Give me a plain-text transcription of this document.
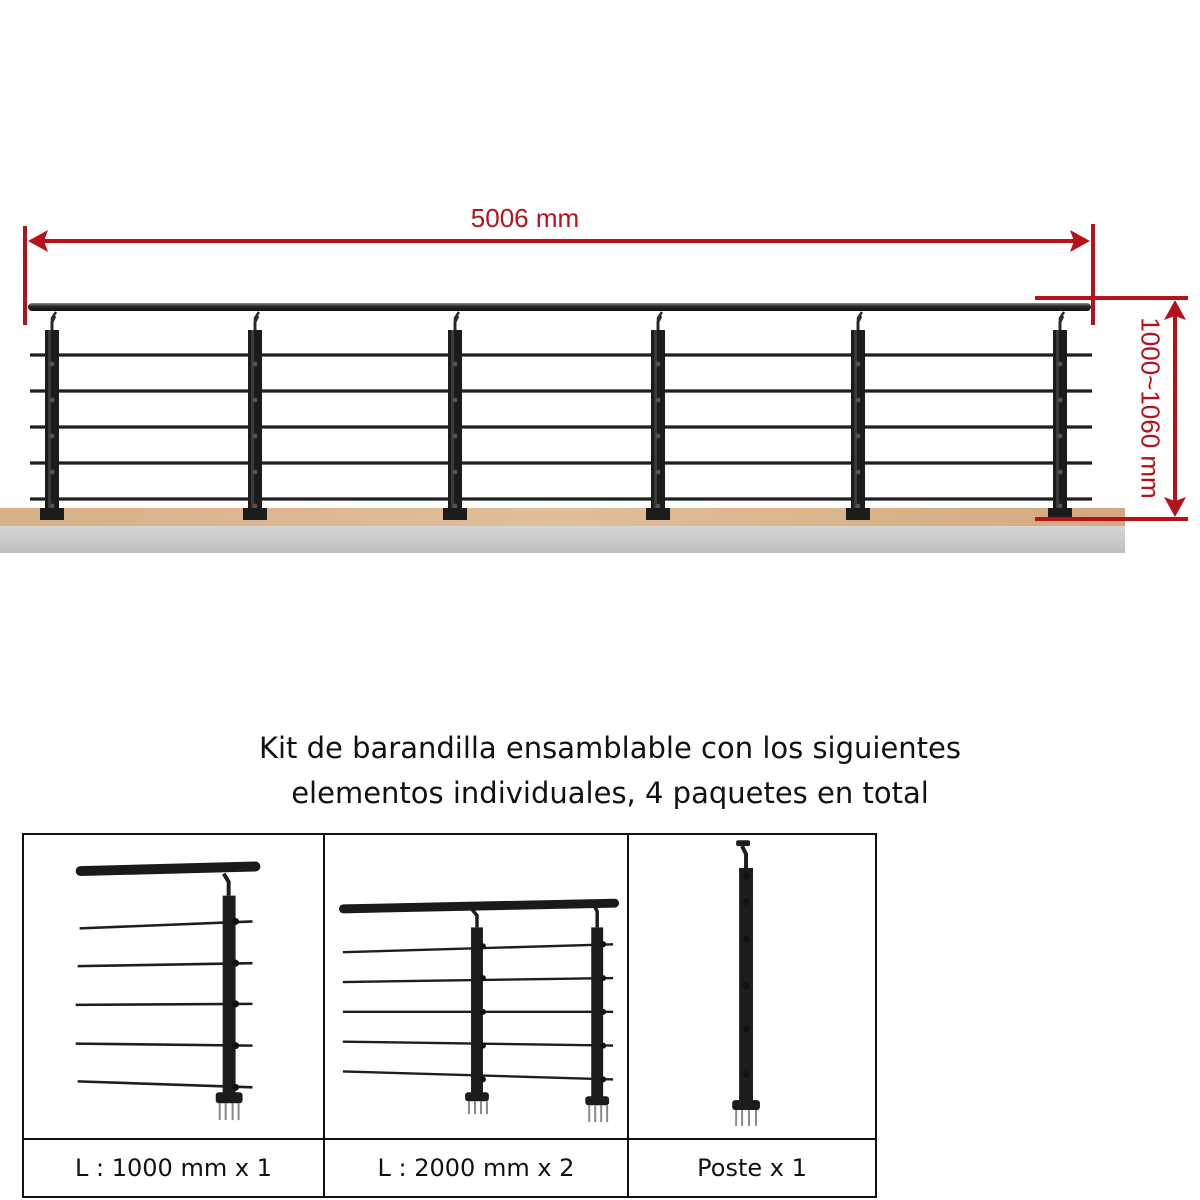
5006 mm
1000~1060 mm
Kit de barandilla ensamblable con los siguientes
elementos individuales, 4 paquetes en total
L : 1000 mm x 1	L : 2000 mm x 2	Poste x 1
